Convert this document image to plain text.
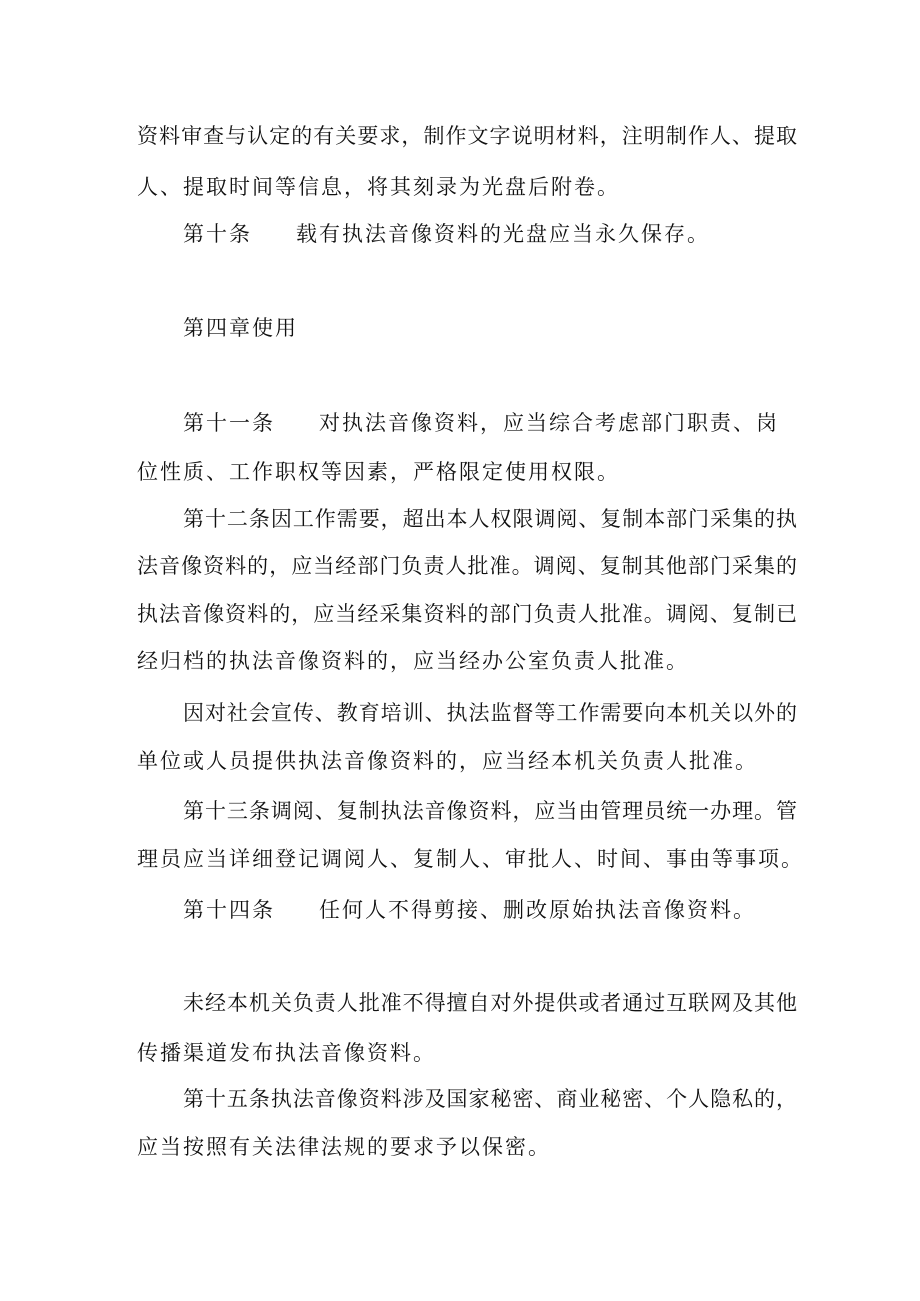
资料审查与认定的有关要求，制作文字说明材料，注明制作人、提取
人、提取时间等信息，将其刻录为光盘后附卷。
第十条 载有执法音像资料的光盘应当永久保存。
第四章使用
第十一条 对执法音像资料，应当综合考虑部门职责、岗
位性质、工作职权等因素，严格限定使用权限。
第十二条因工作需要，超出本人权限调阅、复制本部门采集的执
法音像资料的，应当经部门负责人批准。调阅、复制其他部门采集的
执法音像资料的，应当经采集资料的部门负责人批准。调阅、复制已
经归档的执法音像资料的，应当经办公室负责人批准。
因对社会宣传、教育培训、执法监督等工作需要向本机关以外的
单位或人员提供执法音像资料的，应当经本机关负责人批准。
第十三条调阅、复制执法音像资料，应当由管理员统一办理。管
理员应当详细登记调阅人、复制人、审批人、时间、事由等事项。
第十四条 任何人不得剪接、删改原始执法音像资料。
未经本机关负责人批准不得擅自对外提供或者通过互联网及其他
传播渠道发布执法音像资料。
第十五条执法音像资料涉及国家秘密、商业秘密、个人隐私的，
应当按照有关法律法规的要求予以保密。
